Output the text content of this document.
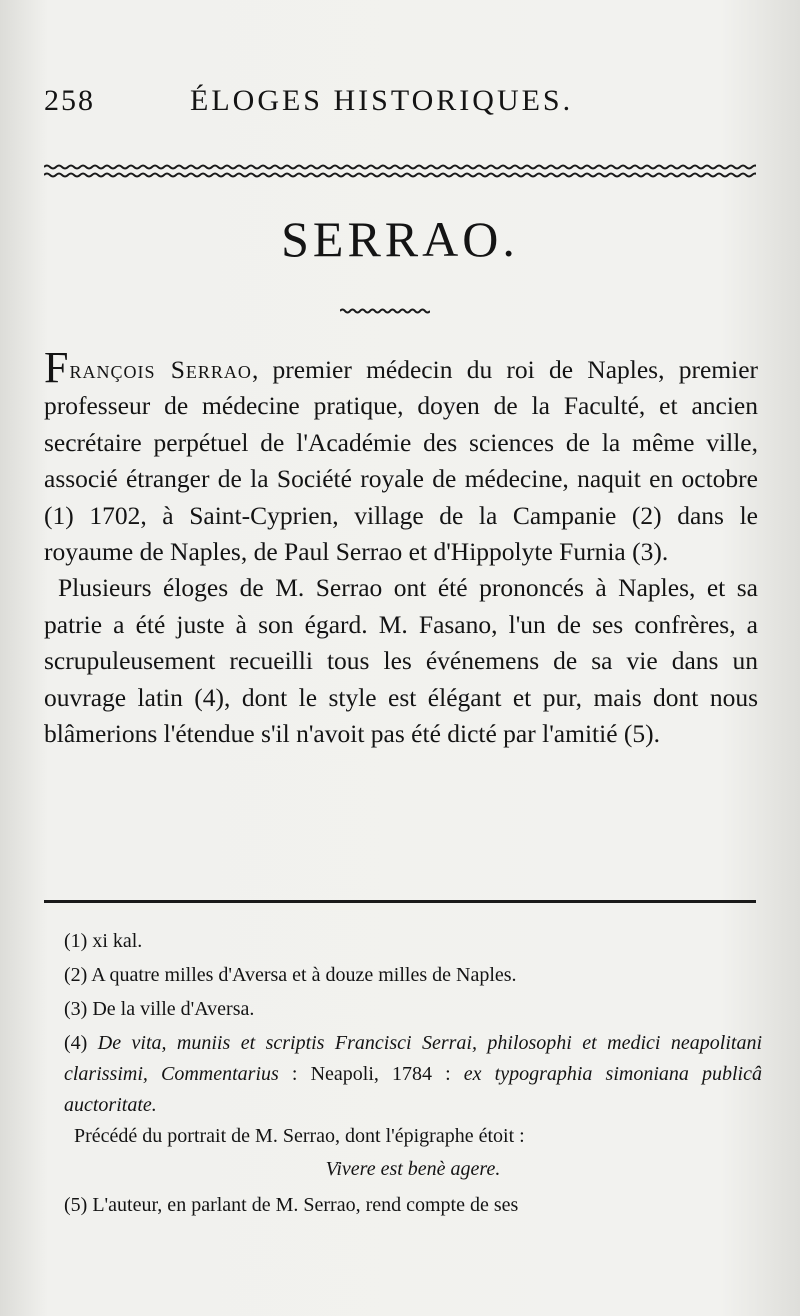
258	ÉLOGES HISTORIQUES.
SERRAO.

François Serrao, premier médecin du roi de Naples, premier professeur de médecine pratique, doyen de la Faculté, et ancien secrétaire perpétuel de l'Académie des sciences de la même ville, associé étranger de la Société royale de médecine, naquit en octobre (1) 1702, à Saint-Cyprien, village de la Campanie (2) dans le royaume de Naples, de Paul Serrao et d'Hippolyte Furnia (3).

Plusieurs éloges de M. Serrao ont été prononcés à Naples, et sa patrie a été juste à son égard. M. Fasano, l'un de ses confrères, a scrupuleusement recueilli tous les événemens de sa vie dans un ouvrage latin (4), dont le style est élégant et pur, mais dont nous blâmerions l'étendue s'il n'avoit pas été dicté par l'amitié (5).

(1) xi kal.

(2) A quatre milles d'Aversa et à douze milles de Naples.

(3) De la ville d'Aversa.

(4) De vita, muniis et scriptis Francisci Serrai, philosophi et medici neapolitani clarissimi, Commentarius : Neapoli, 1784 : ex typographia simoniana publicâ auctoritate.

Précédé du portrait de M. Serrao, dont l'épigraphe étoit :

Vivere est benè agere.

(5) L'auteur, en parlant de M. Serrao, rend compte de ses
